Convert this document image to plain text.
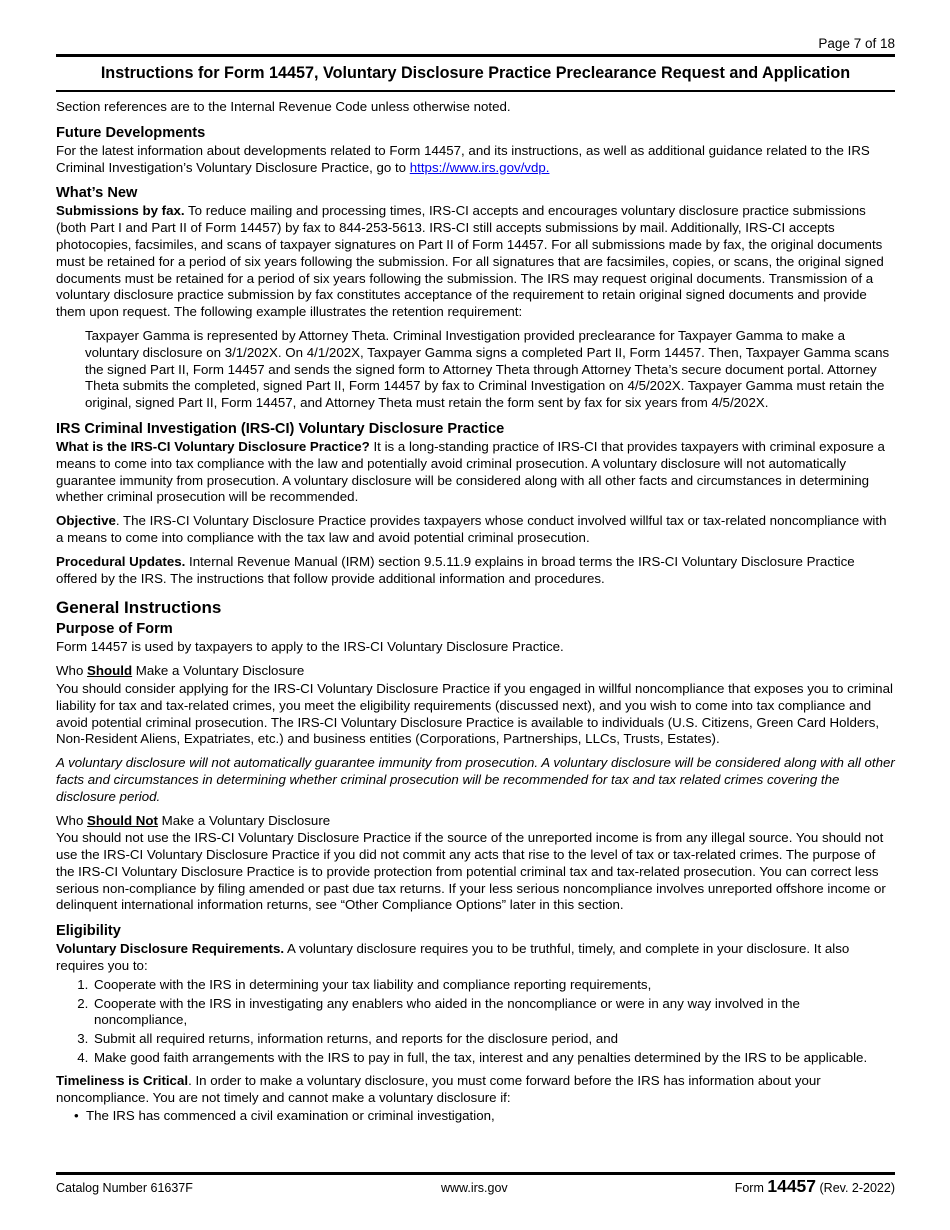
Page 7 of 18
Instructions for Form 14457, Voluntary Disclosure Practice Preclearance Request and Application

Section references are to the Internal Revenue Code unless otherwise noted.

Future Developments

For the latest information about developments related to Form 14457, and its instructions, as well as additional guidance related to the IRS Criminal Investigation’s Voluntary Disclosure Practice, go to https://www.irs.gov/vdp.

What’s New

Submissions by fax. To reduce mailing and processing times, IRS-CI accepts and encourages voluntary disclosure practice submissions (both Part I and Part II of Form 14457) by fax to 844-253-5613. IRS-CI still accepts submissions by mail. Additionally, IRS-CI accepts photocopies, facsimiles, and scans of taxpayer signatures on Part II of Form 14457. For all submissions made by fax, the original documents must be retained for a period of six years following the submission. For all signatures that are facsimiles, copies, or scans, the original signed documents must be retained for a period of six years following the submission. The IRS may request original documents. Transmission of a voluntary disclosure practice submission by fax constitutes acceptance of the requirement to retain original signed documents and provide them upon request. The following example illustrates the retention requirement:

Taxpayer Gamma is represented by Attorney Theta. Criminal Investigation provided preclearance for Taxpayer Gamma to make a voluntary disclosure on 3/1/202X. On 4/1/202X, Taxpayer Gamma signs a completed Part II, Form 14457. Then, Taxpayer Gamma scans the signed Part II, Form 14457 and sends the signed form to Attorney Theta through Attorney Theta’s secure document portal. Attorney Theta submits the completed, signed Part II, Form 14457 by fax to Criminal Investigation on 4/5/202X. Taxpayer Gamma must retain the original, signed Part II, Form 14457, and Attorney Theta must retain the form sent by fax for six years from 4/5/202X.

IRS Criminal Investigation (IRS-CI) Voluntary Disclosure Practice

What is the IRS-CI Voluntary Disclosure Practice? It is a long-standing practice of IRS-CI that provides taxpayers with criminal exposure a means to come into tax compliance with the law and potentially avoid criminal prosecution. A voluntary disclosure will not automatically guarantee immunity from prosecution. A voluntary disclosure will be considered along with all other facts and circumstances in determining whether criminal prosecution will be recommended.

Objective. The IRS-CI Voluntary Disclosure Practice provides taxpayers whose conduct involved willful tax or tax-related noncompliance with a means to come into compliance with the tax law and avoid potential criminal prosecution.

Procedural Updates. Internal Revenue Manual (IRM) section 9.5.11.9 explains in broad terms the IRS-CI Voluntary Disclosure Practice offered by the IRS. The instructions that follow provide additional information and procedures.

General Instructions
Purpose of Form

Form 14457 is used by taxpayers to apply to the IRS-CI Voluntary Disclosure Practice.

Who Should Make a Voluntary Disclosure

You should consider applying for the IRS-CI Voluntary Disclosure Practice if you engaged in willful noncompliance that exposes you to criminal liability for tax and tax-related crimes, you meet the eligibility requirements (discussed next), and you wish to come into tax compliance and avoid potential criminal prosecution. The IRS-CI Voluntary Disclosure Practice is available to individuals (U.S. Citizens, Green Card Holders, Non-Resident Aliens, Expatriates, etc.) and business entities (Corporations, Partnerships, LLCs, Trusts, Estates).

A voluntary disclosure will not automatically guarantee immunity from prosecution. A voluntary disclosure will be considered along with all other facts and circumstances in determining whether criminal prosecution will be recommended for tax and tax related crimes covering the disclosure period.

Who Should Not Make a Voluntary Disclosure

You should not use the IRS-CI Voluntary Disclosure Practice if the source of the unreported income is from any illegal source. You should not use the IRS-CI Voluntary Disclosure Practice if you did not commit any acts that rise to the level of tax or tax-related crimes. The purpose of the IRS-CI Voluntary Disclosure Practice is to provide protection from potential criminal tax and tax-related prosecution. You can correct less serious non-compliance by filing amended or past due tax returns. If your less serious noncompliance involves unreported offshore income or delinquent international information returns, see “Other Compliance Options” later in this section.

Eligibility

Voluntary Disclosure Requirements. A voluntary disclosure requires you to be truthful, timely, and complete in your disclosure. It also requires you to:

1. Cooperate with the IRS in determining your tax liability and compliance reporting requirements,
2. Cooperate with the IRS in investigating any enablers who aided in the noncompliance or were in any way involved in the noncompliance,
3. Submit all required returns, information returns, and reports for the disclosure period, and
4. Make good faith arrangements with the IRS to pay in full, the tax, interest and any penalties determined by the IRS to be applicable.

Timeliness is Critical. In order to make a voluntary disclosure, you must come forward before the IRS has information about your noncompliance. You are not timely and cannot make a voluntary disclosure if:

• The IRS has commenced a civil examination or criminal investigation,
Catalog Number 61637F	www.irs.gov	Form 14457 (Rev. 2-2022)
